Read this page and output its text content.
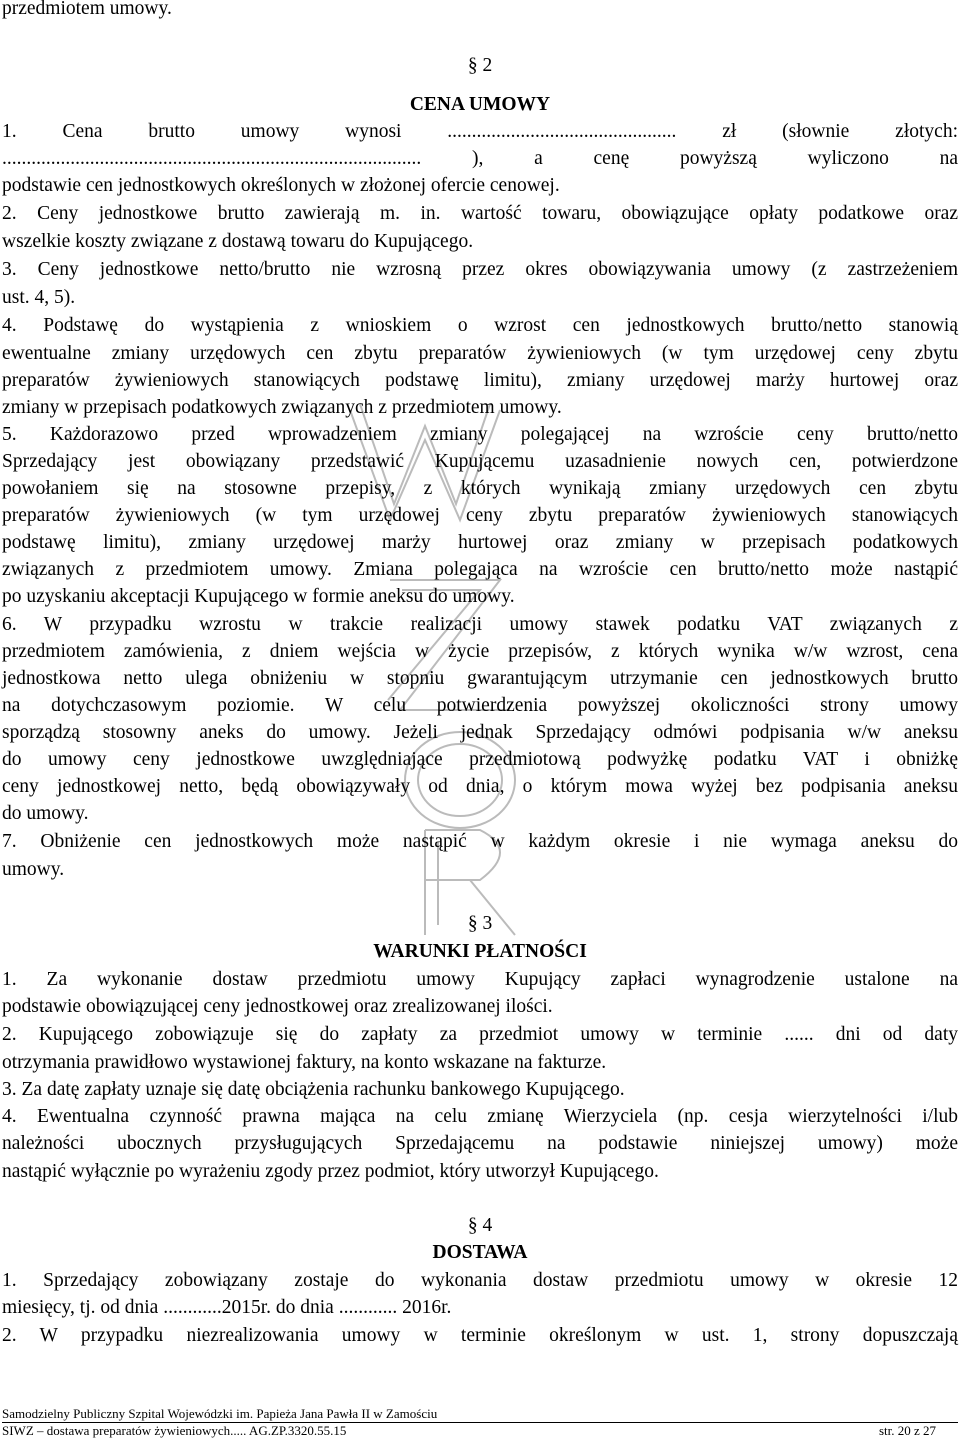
przedmiotem umowy.
§ 2
CENA UMOWY
1. Cena brutto umowy wynosi ............................................... zł (słownie złotych:
...................................................................................... ), a cenę powyższą wyliczono na
podstawie cen jednostkowych określonych w złożonej ofercie cenowej.
2. Ceny jednostkowe brutto zawierają m. in. wartość towaru, obowiązujące opłaty podatkowe oraz
wszelkie koszty związane z dostawą towaru do Kupującego.
3. Ceny jednostkowe netto/brutto nie wzrosną przez okres obowiązywania umowy (z zastrzeżeniem
ust. 4, 5).
4. Podstawę do wystąpienia z wnioskiem o wzrost cen jednostkowych brutto/netto stanowią
ewentualne zmiany urzędowych cen zbytu preparatów żywieniowych (w tym urzędowej ceny zbytu
preparatów żywieniowych stanowiących podstawę limitu), zmiany urzędowej marży hurtowej oraz
zmiany w przepisach podatkowych związanych z przedmiotem umowy.
5. Każdorazowo przed wprowadzeniem zmiany polegającej na wzroście ceny brutto/netto
Sprzedający jest obowiązany przedstawić Kupującemu uzasadnienie nowych cen, potwierdzone
powołaniem się na stosowne przepisy, z których wynikają zmiany urzędowych cen zbytu
preparatów żywieniowych (w tym urzędowej ceny zbytu preparatów żywieniowych stanowiących
podstawę limitu), zmiany urzędowej marży hurtowej oraz zmiany w przepisach podatkowych
związanych z przedmiotem umowy. Zmiana polegająca na wzroście cen brutto/netto może nastąpić
po uzyskaniu akceptacji Kupującego w formie aneksu do umowy.
6. W przypadku wzrostu w trakcie realizacji umowy stawek podatku VAT związanych z
przedmiotem zamówienia, z dniem wejścia w życie przepisów, z których wynika w/w wzrost, cena
jednostkowa netto ulega obniżeniu w stopniu gwarantującym utrzymanie cen jednostkowych brutto
na dotychczasowym poziomie. W celu potwierdzenia powyższej okoliczności strony umowy
sporządzą stosowny aneks do umowy. Jeżeli jednak Sprzedający odmówi podpisania w/w aneksu
do umowy ceny jednostkowe uwzględniające przedmiotową podwyżkę podatku VAT i obniżkę
ceny jednostkowej netto, będą obowiązywały od dnia, o którym mowa wyżej bez podpisania aneksu
do umowy.
7. Obniżenie cen jednostkowych może nastąpić w każdym okresie i nie wymaga aneksu do
umowy.
§ 3
WARUNKI PŁATNOŚCI
1. Za wykonanie dostaw przedmiotu umowy Kupujący zapłaci wynagrodzenie ustalone na
podstawie obowiązującej ceny jednostkowej oraz zrealizowanej ilości.
2. Kupującego zobowiązuje się do zapłaty za przedmiot umowy w terminie ...... dni od daty
otrzymania prawidłowo wystawionej faktury, na konto wskazane na fakturze.
3. Za datę zapłaty uznaje się datę obciążenia rachunku bankowego Kupującego.
4. Ewentualna czynność prawna mająca na celu zmianę Wierzyciela (np. cesja wierzytelności i/lub
należności ubocznych przysługujących Sprzedającemu na podstawie niniejszej umowy) może
nastąpić wyłącznie po wyrażeniu zgody przez podmiot, który utworzył Kupującego.
§ 4
DOSTAWA
1. Sprzedający zobowiązany zostaje do wykonania dostaw przedmiotu umowy w okresie 12
miesięcy, tj. od dnia ............2015r. do dnia ............ 2016r.
2. W przypadku niezrealizowania umowy w terminie określonym w ust. 1, strony dopuszczają
Samodzielny Publiczny Szpital Wojewódzki im. Papieża Jana Pawła II w Zamościu
SIWZ – dostawa preparatów żywieniowych..... AG.ZP.3320.55.15	str. 20 z 27
